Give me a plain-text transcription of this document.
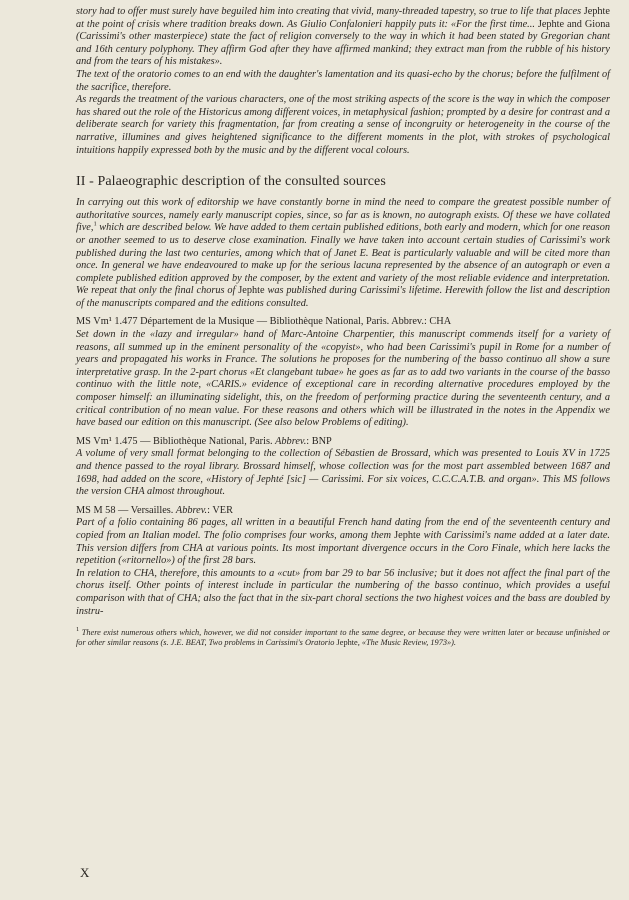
story had to offer must surely have beguiled him into creating that vivid, many-threaded tapestry, so true to life that places Jephte at the point of crisis where tradition breaks down. As Giulio Confalonieri happily puts it: «For the first time... Jephte and Giona (Carissimi's other masterpiece) state the fact of religion conversely to the way in which it had been stated by Gregorian chant and 16th century polyphony. They affirm God after they have affirmed mankind; they extract man from the rubble of his history and from the tears of his mistakes».

The text of the oratorio comes to an end with the daughter's lamentation and its quasi-echo by the chorus; before the fulfilment of the sacrifice, therefore.

As regards the treatment of the various characters, one of the most striking aspects of the score is the way in which the composer has shared out the role of the Historicus among different voices, in metaphysical fashion; prompted by a desire for contrast and a deliberate search for variety this fragmentation, far from creating a sense of incongruity or heterogeneity in the course of the narrative, illumines and gives heightened significance to the different moments in the plot, with strokes of psychological intuitions happily expressed both by the music and by the different vocal colours.

II - Palaeographic description of the consulted sources

In carrying out this work of editorship we have constantly borne in mind the need to compare the greatest possible number of authoritative sources, namely early manuscript copies, since, so far as is known, no autograph exists. Of these we have collated five,$^1$ which are described below. We have added to them certain published editions, both early and modern, which for one reason or another seemed to us to deserve close examination. Finally we have taken into account certain studies of Carissimi's work published during the last two centuries, among which that of Janet E. Beat is particularly valuable and will be cited more than once. In general we have endeavoured to make up for the serious lacuna represented by the absence of an autograph or even a complete published edition approved by the composer, by the extent and variety of the most reliable evidence and interpretation. We repeat that only the final chorus of Jephte was published during Carissimi's lifetime. Herewith follow the list and description of the manuscripts compared and the editions consulted.

MS Vm¹ 1.477 Département de la Musique — Bibliothèque National, Paris. Abbrev.: CHA

Set down in the «lazy and irregular» hand of Marc-Antoine Charpentier, this manuscript commends itself for a variety of reasons, all summed up in the eminent personality of the «copyist», who had been Carissimi's pupil in Rome for a number of years and propagated his works in France. The solutions he proposes for the numbering of the basso continuo all show a sure interpretative grasp. In the 2-part chorus «Et clangebant tubae» he goes as far as to add two variants in the course of the basso continuo with the little note, «CARIS.» evidence of exceptional care in recording alternative procedures employed by the composer himself: an illuminating sidelight, this, on the freedom of performing practice during the seventeenth century, and a critical contribution of no mean value. For these reasons and others which will be illustrated in the notes in the Appendix we have based our edition on this manuscript. (See also below Problems of editing).

MS Vm¹ 1.475 — Bibliothèque National, Paris. Abbrev.: BNP

A volume of very small format belonging to the collection of Sébastien de Brossard, which was presented to Louis XV in 1725 and thence passed to the royal library. Brossard himself, whose collection was for the most part assembled between 1687 and 1698, had added on the score, «History of Jephté [sic] — Carissimi. For six voices, C.C.C.A.T.B. and organ». This MS follows the version CHA almost throughout.

MS M 58 — Versailles. Abbrev.: VER

Part of a folio containing 86 pages, all written in a beautiful French hand dating from the end of the seventeenth century and copied from an Italian model. The folio comprises four works, among them Jephte with Carissimi's name added at a later date. This version differs from CHA at various points. Its most important divergence occurs in the Coro Finale, which here lacks the repetition («ritornello») of the first 28 bars.

In relation to CHA, therefore, this amounts to a «cut» from bar 29 to bar 56 inclusive; but it does not affect the final part of the chorus itself. Other points of interest include in particular the numbering of the basso continuo, which provides a useful comparison with that of CHA; also the fact that in the six-part choral sections the two highest voices and the bass are doubled by instru-

$^1$ There exist numerous others which, however, we did not consider important to the same degree, or because they were written later or because unfinished or for other similar reasons (s. J.E. BEAT, Two problems in Carissimi's Oratorio Jephte, «The Music Review, 1973»).

X
